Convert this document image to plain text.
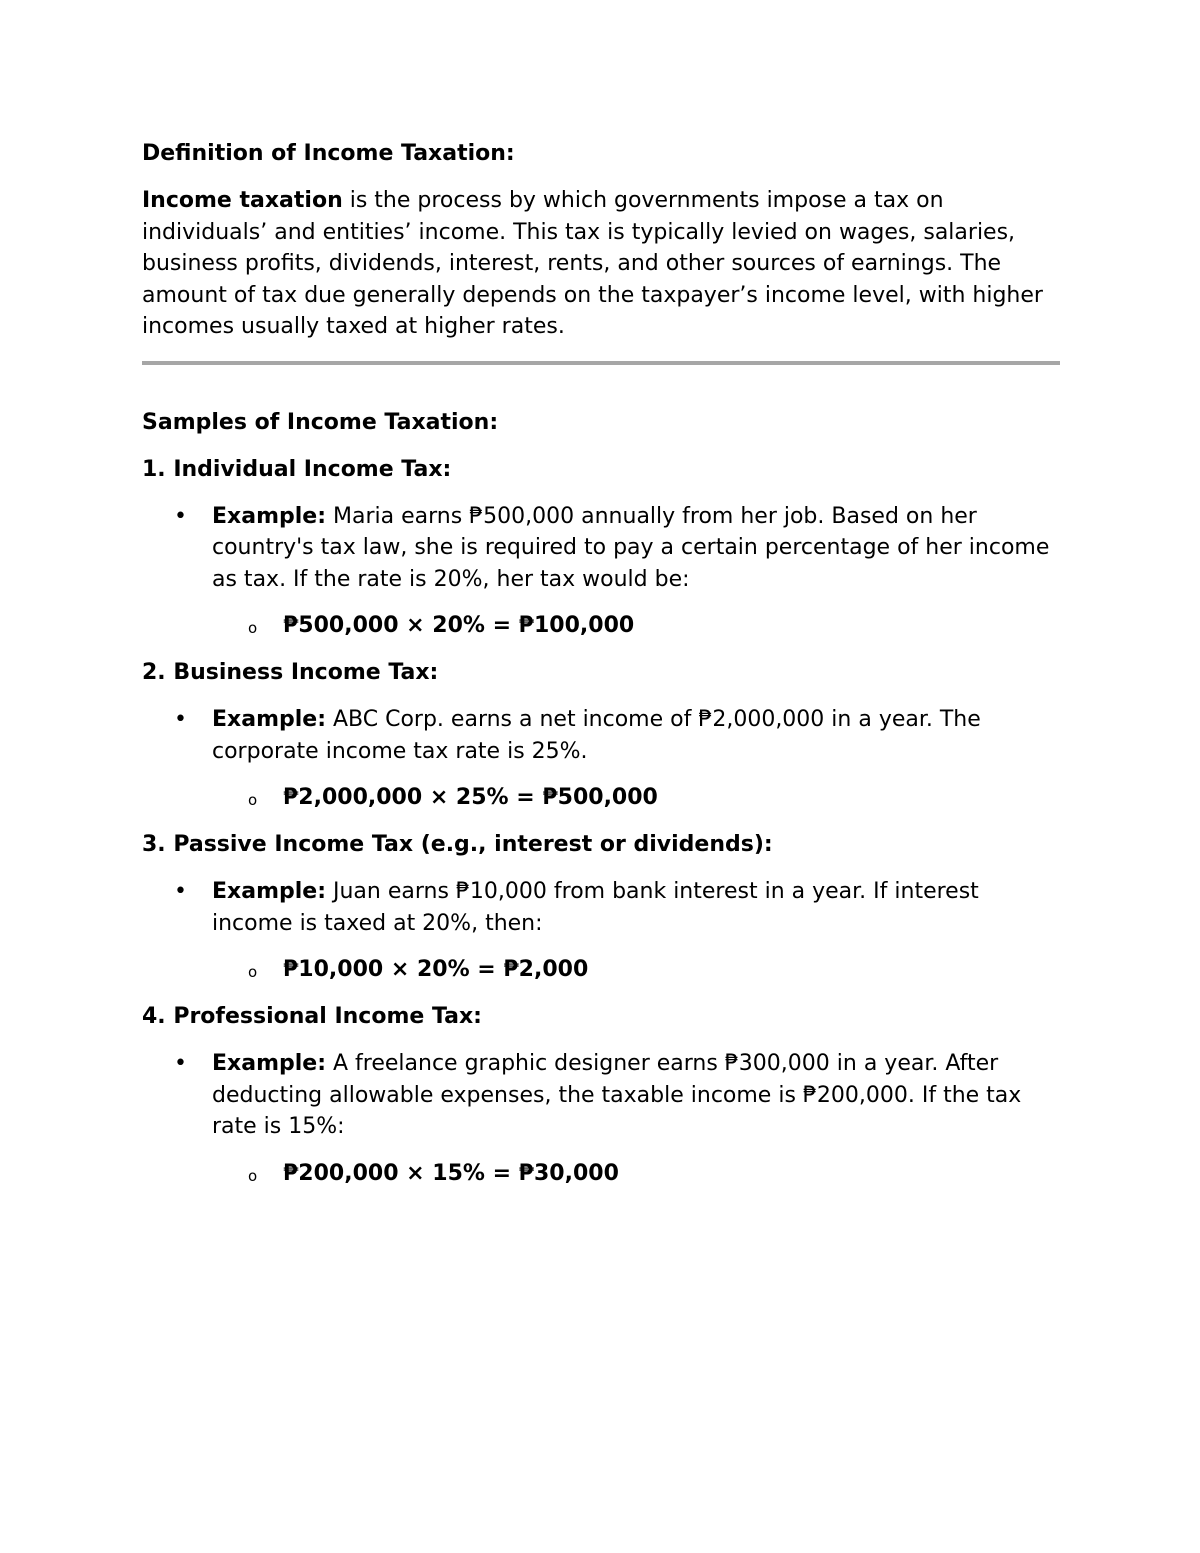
Definition of Income Taxation:

Income taxation is the process by which governments impose a tax on individuals’ and entities’ income. This tax is typically levied on wages, salaries, business profits, dividends, interest, rents, and other sources of earnings. The amount of tax due generally depends on the taxpayer’s income level, with higher incomes usually taxed at higher rates.

Samples of Income Taxation:

1. Individual Income Tax:

• Example: Maria earns ₱500,000 annually from her job. Based on her country's tax law, she is required to pay a certain percentage of her income as tax. If the rate is 20%, her tax would be:
o ₱500,000 × 20% = ₱100,000

2. Business Income Tax:

• Example: ABC Corp. earns a net income of ₱2,000,000 in a year. The corporate income tax rate is 25%.
o ₱2,000,000 × 25% = ₱500,000

3. Passive Income Tax (e.g., interest or dividends):

• Example: Juan earns ₱10,000 from bank interest in a year. If interest income is taxed at 20%, then:
o ₱10,000 × 20% = ₱2,000

4. Professional Income Tax:

• Example: A freelance graphic designer earns ₱300,000 in a year. After deducting allowable expenses, the taxable income is ₱200,000. If the tax rate is 15%:
o ₱200,000 × 15% = ₱30,000
